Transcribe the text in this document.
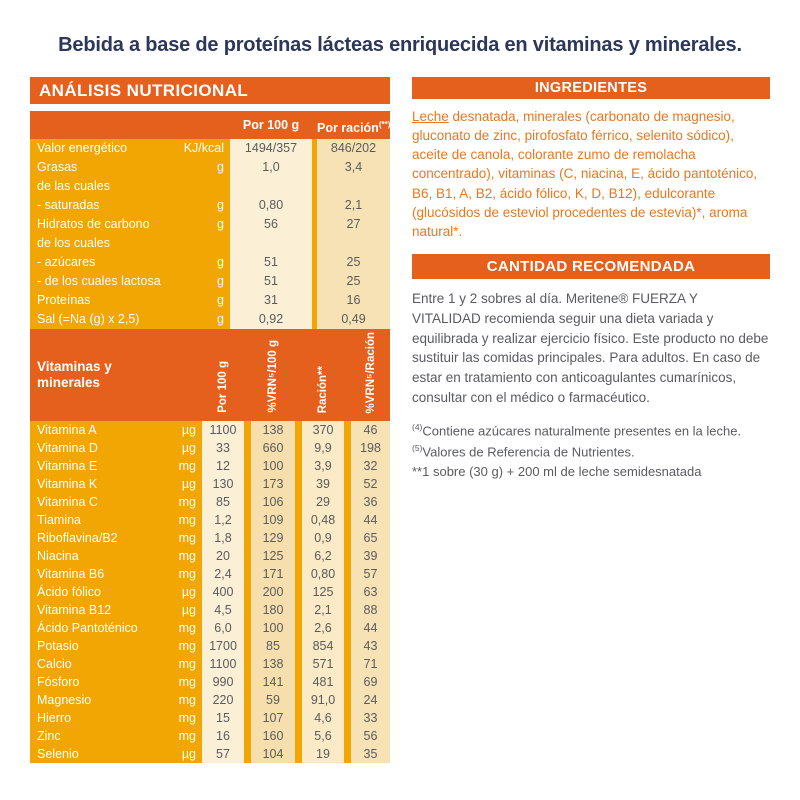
Bebida a base de proteínas lácteas enriquecida en vitaminas y minerales.
ANÁLISIS NUTRICIONAL
Por 100 g	Por ración(**)
Valor energético	KJ/kcal	1494/357	846/202
Grasas	g	1,0	3,4
de las cuales
- saturadas	g	0,80	2,1
Hidratos de carbono	g	56	27
de los cuales
- azúcares	g	51	25
- de los cuales lactosa	g	51	25
Proteínas	g	31	16
Sal (=Na (g) x 2,5)	g	0,92	0,49
Vitaminas y minerales	Por 100 g	%VRN⁵/100 g	Ración**	%VRN⁵/Ración
Vitamina A	µg	1100	138	370	46
Vitamina D	µg	33	660	9,9	198
Vitamina E	mg	12	100	3,9	32
Vitamina K	µg	130	173	39	52
Vitamina C	mg	85	106	29	36
Tiamina	mg	1,2	109	0,48	44
Riboflavina/B2	mg	1,8	129	0,9	65
Niacina	mg	20	125	6,2	39
Vitamina B6	mg	2,4	171	0,80	57
Ácido fólico	µg	400	200	125	63
Vitamina B12	µg	4,5	180	2,1	88
Ácido Pantoténico	mg	6,0	100	2,6	44
Potasio	mg	1700	85	854	43
Calcio	mg	1100	138	571	71
Fósforo	mg	990	141	481	69
Magnesio	mg	220	59	91,0	24
Hierro	mg	15	107	4,6	33
Zinc	mg	16	160	5,6	56
Selenio	µg	57	104	19	35
INGREDIENTES

Leche desnatada, minerales (carbonato de magnesio, gluconato de zinc, pirofosfato férrico, selenito sódico), aceite de canola, colorante zumo de remolacha concentrado), vitaminas (C, niacina, E, ácido pantoténico, B6, B1, A, B2, ácido fólico, K, D, B12), edulcorante (glucósidos de esteviol procedentes de estevia)*, aroma natural*.

CANTIDAD RECOMENDADA

Entre 1 y 2 sobres al día. Meritene® FUERZA Y VITALIDAD recomienda seguir una dieta variada y equilibrada y realizar ejercicio físico. Este producto no debe sustituir las comidas principales. Para adultos. En caso de estar en tratamiento con anticoagulantes cumarínicos, consultar con el médico o farmacéutico.

$^{(4)}$Contiene azúcares naturalmente presentes en la leche.
$^{(5)}$Valores de Referencia de Nutrientes.
**1 sobre (30 g) + 200 ml de leche semidesnatada
